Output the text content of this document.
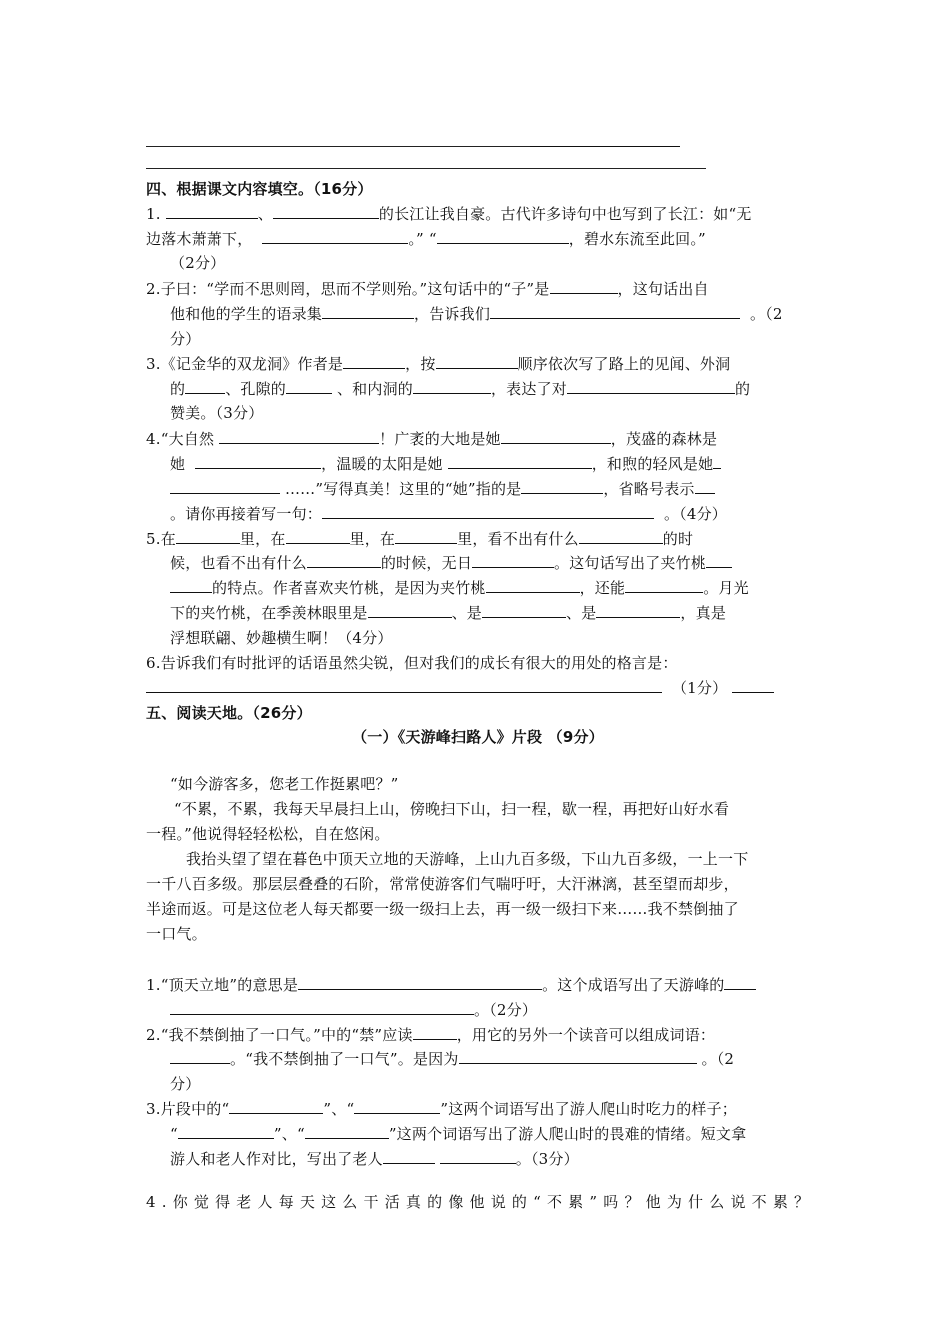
四、根据课文内容填空。（16分）
1.	、	的长江让我自豪。古代许多诗句中也写到了长江：如“无
边落木萧萧下，	。” “	，碧水东流至此回。”
（2分）
2.子曰：“学而不思则罔，思而不学则殆。”这句话中的“子”是	，这句话出自
他和他的学生的语录集	，告诉我们	。（2
分）
3.《记金华的双龙洞》作者是	，按	顺序依次写了路上的见闻、外洞
的	、孔隙的	、和内洞的	，表达了对	的
赞美。（3分）
4.“大自然	！广袤的大地是她	，茂盛的森林是
她	，温暖的太阳是她	，和煦的轻风是她
……”写得真美！这里的“她”指的是	，省略号表示
。请你再接着写一句：	。（4分）
5.在	里，在	里，在	里，看不出有什么	的时
候，也看不出有什么	的时候，无日	。这句话写出了夹竹桃
的特点。作者喜欢夹竹桃，是因为夹竹桃	，还能	。月光
下的夹竹桃，在季羡林眼里是	、是	、是	，真是
浮想联翩、妙趣横生啊！（4分）
6.告诉我们有时批评的话语虽然尖锐，但对我们的成长有很大的用处的格言是：
（1分）
五、阅读天地。（26分）
（一）《天游峰扫路人》片段 （9分）
“如今游客多，您老工作挺累吧？”
“不累，不累，我每天早晨扫上山，傍晚扫下山，扫一程，歇一程，再把好山好水看
一程。”他说得轻轻松松，自在悠闲。
我抬头望了望在暮色中顶天立地的天游峰，上山九百多级，下山九百多级，一上一下
一千八百多级。那层层叠叠的石阶，常常使游客们气喘吁吁，大汗淋漓，甚至望而却步，
半途而返。可是这位老人每天都要一级一级扫上去，再一级一级扫下来……我不禁倒抽了
一口气。
1.“顶天立地”的意思是	。这个成语写出了天游峰的
。（2分）
2.“我不禁倒抽了一口气。”中的“禁”应读	，用它的另外一个读音可以组成词语：
。“我不禁倒抽了一口气”。是因为	。（2
分）
3.片段中的“	”、“	”这两个词语写出了游人爬山时吃力的样子；
“	”、“	”这两个词语写出了游人爬山时的畏难的情绪。短文拿
游人和老人作对比，写出了老人	。（3分）
4.你觉得老人每天这么干活真的像他说的“不累”吗？他为什么说不累？
